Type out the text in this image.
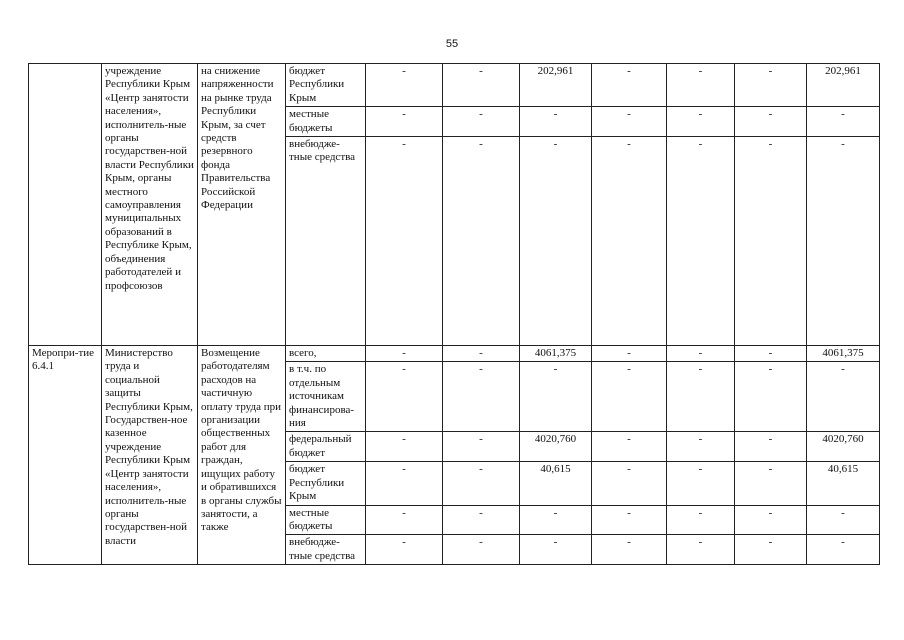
55
	учреждение Республики Крым «Центр занятости населения», исполнитель-ные органы государствен-ной власти Республики Крым, органы местного самоуправления муниципальных образований в Республике Крым, объединения работодателей и профсоюзов	на снижение напряженности на рынке труда Республики Крым, за счет средств резервного фонда Правительства Российской Федерации	бюджет Республики Крым	-	-	202,961	-	-	-	202,961
			местные бюджеты	-	-	-	-	-	-	-
			внебюдже-тные средства	-	-	-	-	-	-	-
Меропри-тие 6.4.1	Министерство труда и социальной защиты Республики Крым, Государствен-ное казенное учреждение Республики Крым «Центр занятости населения», исполнитель-ные органы государствен-ной власти	Возмещение работодателям расходов на частичную оплату труда при организации общественных работ для граждан, ищущих работу и обратившихся в органы службы занятости, а также	всего,	-	-	4061,375	-	-	-	4061,375
			в т.ч. по отдельным источникам финансирова-ния	-	-	-	-	-	-	-
			федеральный бюджет	-	-	4020,760	-	-	-	4020,760
			бюджет Республики Крым	-	-	40,615	-	-	-	40,615
			местные бюджеты	-	-	-	-	-	-	-
			внебюдже-тные средства	-	-	-	-	-	-	-
